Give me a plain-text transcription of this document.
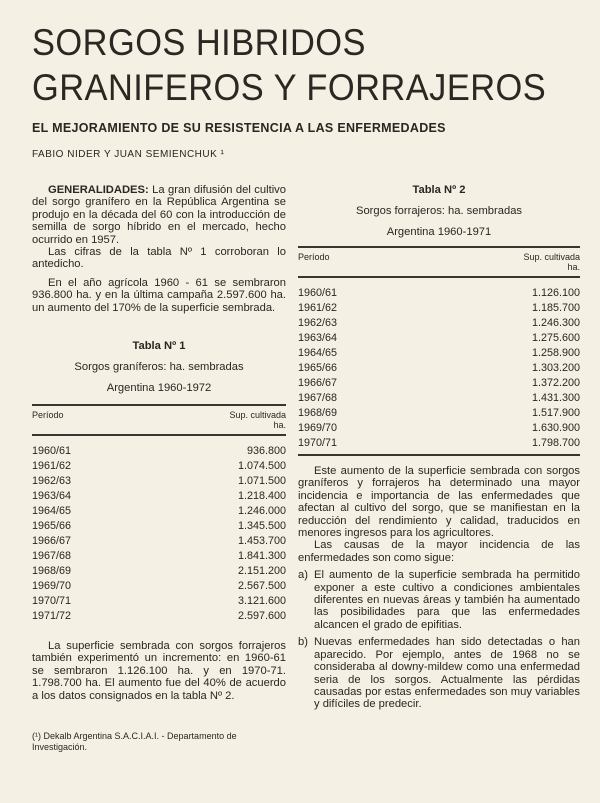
SORGOS HIBRIDOS
GRANIFEROS Y FORRAJEROS
EL MEJORAMIENTO DE SU RESISTENCIA A LAS ENFERMEDADES
FABIO NIDER Y JUAN SEMIENCHUK ¹

GENERALIDADES: La gran difusión del cultivo del sorgo granífero en la República Argentina se produjo en la década del 60 con la introducción de semilla de sorgo híbrido en el mercado, hecho ocurrido en 1957.

Las cifras de la tabla Nº 1 corroboran lo antedicho.

En el año agrícola 1960 - 61 se sembraron 936.800 ha. y en la última campaña 2.597.600 ha. un aumento del 170% de la superficie sembrada.

Tabla Nº 1
Sorgos graníferos: ha. sembradas
Argentina 1960-1972
Período	Sup. cultivada
ha.
1960/61	936.800
1961/62	1.074.500
1962/63	1.071.500
1963/64	1.218.400
1964/65	1.246.000
1965/66	1.345.500
1966/67	1.453.700
1967/68	1.841.300
1968/69	2.151.200
1969/70	2.567.500
1970/71	3.121.600
1971/72	2.597.600

La superficie sembrada con sorgos forrajeros también experimentó un incremento: en 1960-61 se sembraron 1.126.100 ha. y en 1970-71. 1.798.700 ha. El aumento fue del 40% de acuerdo a los datos consignados en la tabla Nº 2.

(¹) Dekalb Argentina S.A.C.I.A.I. - Departamento de Investigación.
Tabla Nº 2
Sorgos forrajeros: ha. sembradas
Argentina 1960-1971
Período	Sup. cultivada
ha.
1960/61	1.126.100
1961/62	1.185.700
1962/63	1.246.300
1963/64	1.275.600
1964/65	1.258.900
1965/66	1.303.200
1966/67	1.372.200
1967/68	1.431.300
1968/69	1.517.900
1969/70	1.630.900
1970/71	1.798.700

Este aumento de la superficie sembrada con sorgos graníferos y forrajeros ha determinado una mayor incidencia e importancia de las enfermedades que afectan al cultivo del sorgo, que se manifiestan en la reducción del rendimiento y calidad, traducidos en menores ingresos para los agricultores.

Las causas de la mayor incidencia de las enfermedades son como sigue:

a) El aumento de la superficie sembrada ha permitido exponer a este cultivo a condiciones ambientales diferentes en nuevas áreas y también ha aumentado las posibilidades para que las enfermedades alcancen el grado de epifitias.
b) Nuevas enfermedades han sido detectadas o han aparecido. Por ejemplo, antes de 1968 no se consideraba al downy-mildew como una enfermedad seria de los sorgos. Actualmente las pérdidas causadas por estas enfermedades son muy variables y difíciles de predecir.
